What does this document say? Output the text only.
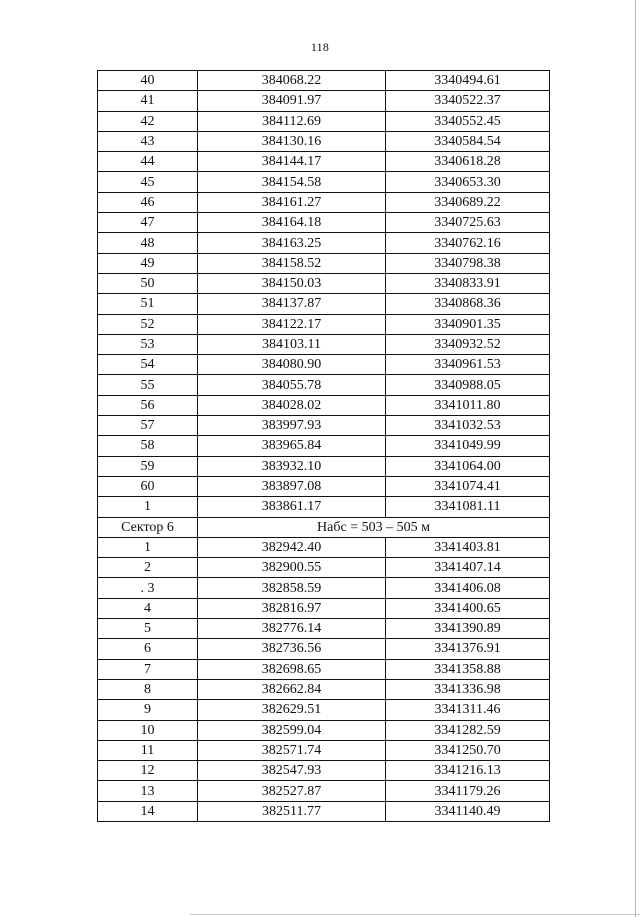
118
40	384068.22	3340494.61
41	384091.97	3340522.37
42	384112.69	3340552.45
43	384130.16	3340584.54
44	384144.17	3340618.28
45	384154.58	3340653.30
46	384161.27	3340689.22
47	384164.18	3340725.63
48	384163.25	3340762.16
49	384158.52	3340798.38
50	384150.03	3340833.91
51	384137.87	3340868.36
52	384122.17	3340901.35
53	384103.11	3340932.52
54	384080.90	3340961.53
55	384055.78	3340988.05
56	384028.02	3341011.80
57	383997.93	3341032.53
58	383965.84	3341049.99
59	383932.10	3341064.00
60	383897.08	3341074.41
1	383861.17	3341081.11
Сектор 6	Набс = 503 – 505 м	
1	382942.40	3341403.81
2	382900.55	3341407.14
. 3	382858.59	3341406.08
4	382816.97	3341400.65
5	382776.14	3341390.89
6	382736.56	3341376.91
7	382698.65	3341358.88
8	382662.84	3341336.98
9	382629.51	3341311.46
10	382599.04	3341282.59
11	382571.74	3341250.70
12	382547.93	3341216.13
13	382527.87	3341179.26
14	382511.77	3341140.49
